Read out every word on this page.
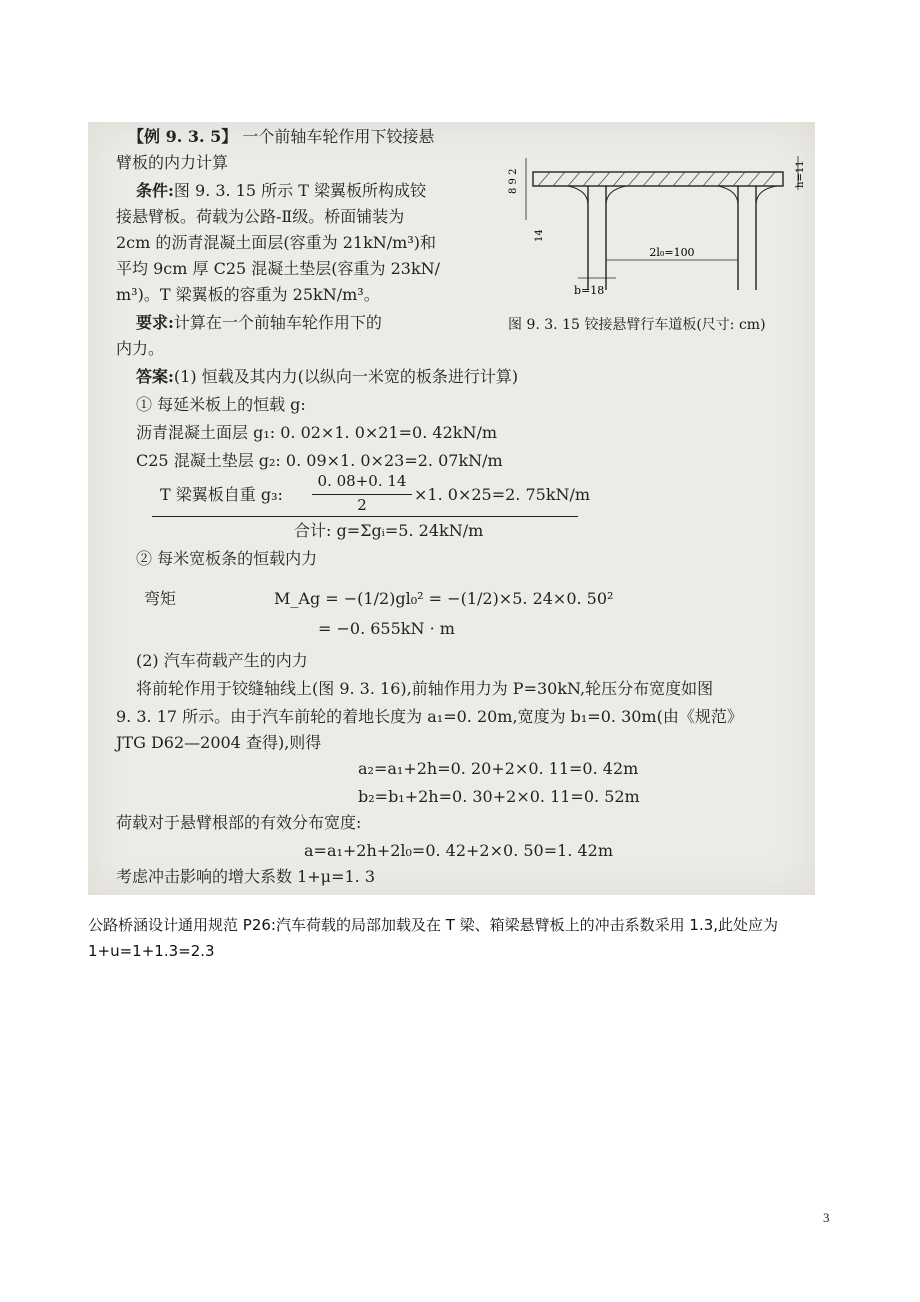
【例 9. 3. 5】 一个前轴车轮作用下铰接悬
臂板的内力计算
条件:图 9. 3. 15 所示 T 梁翼板所构成铰
接悬臂板。荷载为公路-Ⅱ级。桥面铺装为
2cm 的沥青混凝土面层(容重为 21kN/m³)和
平均 9cm 厚 C25 混凝土垫层(容重为 23kN/
m³)。T 梁翼板的容重为 25kN/m³。
要求:计算在一个前轴车轮作用下的
内力。
2l₀=100
b=18
8 9 2
14
h=11
图 9. 3. 15 铰接悬臂行车道板(尺寸: cm)
答案:(1) 恒载及其内力(以纵向一米宽的板条进行计算)
① 每延米板上的恒载 g:
沥青混凝土面层 g₁: 0. 02×1. 0×21=0. 42kN/m
C25 混凝土垫层 g₂: 0. 09×1. 0×23=2. 07kN/m
T 梁翼板自重 g₃:
0. 08+0. 14
2
×1. 0×25=2. 75kN/m
合计: g=Σgᵢ=5. 24kN/m
② 每米宽板条的恒载内力
弯矩	M_Ag = −(1/2)gl₀² = −(1/2)×5. 24×0. 50²
= −0. 655kN · m
(2) 汽车荷载产生的内力
将前轮作用于铰缝轴线上(图 9. 3. 16),前轴作用力为 P=30kN,轮压分布宽度如图
9. 3. 17 所示。由于汽车前轮的着地长度为 a₁=0. 20m,宽度为 b₁=0. 30m(由《规范》
JTG D62—2004 查得),则得
a₂=a₁+2h=0. 20+2×0. 11=0. 42m
b₂=b₁+2h=0. 30+2×0. 11=0. 52m
荷载对于悬臂根部的有效分布宽度:
a=a₁+2h+2l₀=0. 42+2×0. 50=1. 42m
考虑冲击影响的增大系数 1+μ=1. 3
公路桥涵设计通用规范 P26:汽车荷载的局部加载及在 T 梁、箱梁悬臂板上的冲击系数采用 1.3,此处应为 1+u=1+1.3=2.3
3
